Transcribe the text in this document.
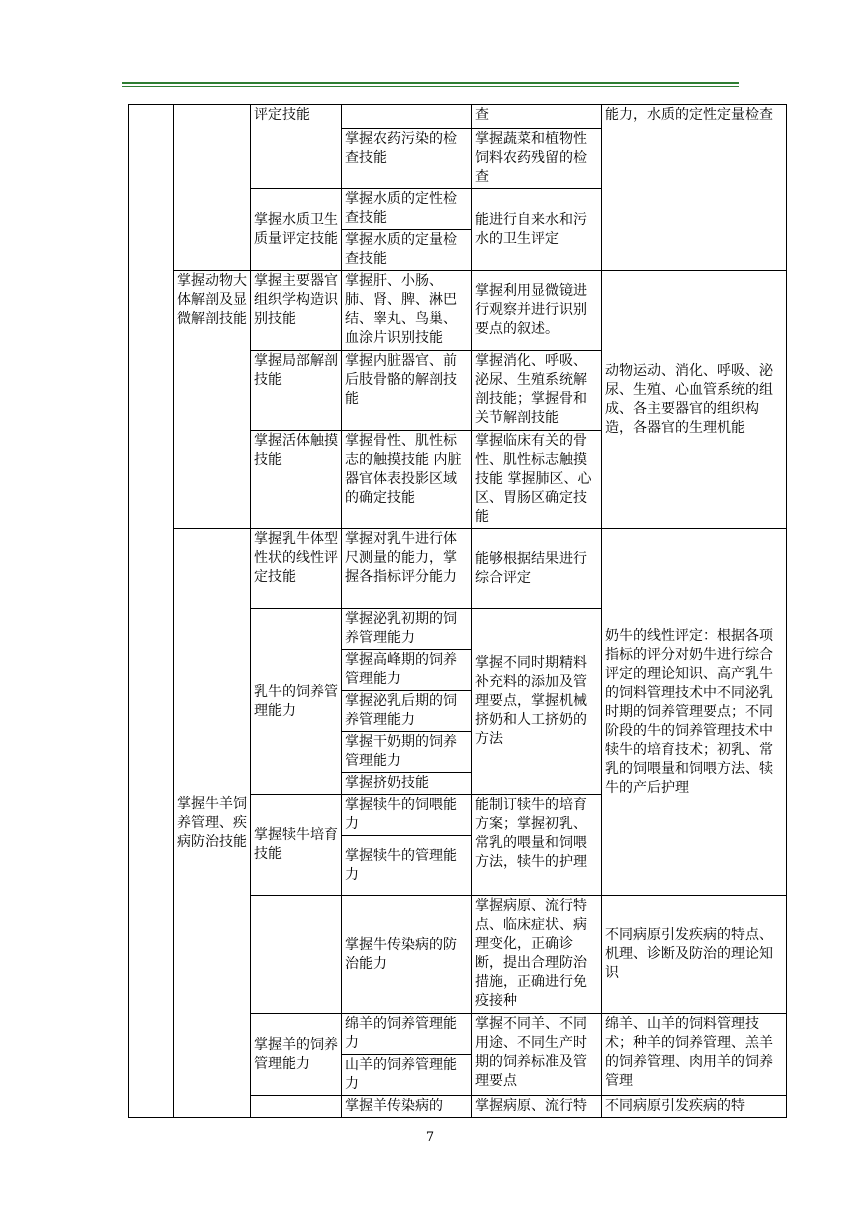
		评定技能		查	能力，水质的定性定量检查
			掌握农药污染的检查技能	掌握蔬菜和植物性饲料农药残留的检查	
		掌握水质卫生质量评定技能	掌握水质的定性检查技能	能进行自来水和污水的卫生评定	
			掌握水质的定量检查技能		
	掌握动物大体解剖及显微解剖技能	掌握主要器官组织学构造识别技能	掌握肝、小肠、肺、肾、脾、淋巴结、睾丸、鸟巢、血涂片识别技能	掌握利用显微镜进行观察并进行识别要点的叙述。	动物运动、消化、呼吸、泌尿、生殖、心血管系统的组成、各主要器官的组织构造，各器官的生理机能
		掌握局部解剖技能	掌握内脏器官、前后肢骨骼的解剖技能	掌握消化、呼吸、泌尿、生殖系统解剖技能；掌握骨和关节解剖技能	
		掌握活体触摸技能	掌握骨性、肌性标志的触摸技能 内脏器官体表投影区域的确定技能	掌握临床有关的骨性、肌性标志触摸技能 掌握肺区、心区、胃肠区确定技能	
	掌握牛羊饲养管理、疾病防治技能	掌握乳牛体型性状的线性评定技能	掌握对乳牛进行体尺测量的能力，掌握各指标评分能力	能够根据结果进行综合评定	奶牛的线性评定：根据各项指标的评分对奶牛进行综合评定的理论知识、高产乳牛的饲料管理技术中不同泌乳时期的饲养管理要点；不同阶段的牛的饲养管理技术中犊牛的培育技术；初乳、常乳的饲喂量和饲喂方法、犊牛的产后护理
		乳牛的饲养管理能力	掌握泌乳初期的饲养管理能力	掌握不同时期精料补充料的添加及管理要点，掌握机械挤奶和人工挤奶的方法	
			掌握高峰期的饲养管理能力		
			掌握泌乳后期的饲养管理能力		
			掌握干奶期的饲养管理能力		
			掌握挤奶技能		
		掌握犊牛培育技能	掌握犊牛的饲喂能力	能制订犊牛的培育方案；掌握初乳、常乳的喂量和饲喂方法，犊牛的护理	
			掌握犊牛的管理能力		
			掌握牛传染病的防治能力	掌握病原、流行特点、临床症状、病理变化，正确诊断，提出合理防治措施，正确进行免疫接种	不同病原引发疾病的特点、机理、诊断及防治的理论知识
		掌握羊的饲养管理能力	绵羊的饲养管理能力	掌握不同羊、不同用途、不同生产时期的饲养标准及管理要点	绵羊、山羊的饲料管理技术；种羊的饲养管理、羔羊的饲养管理、肉用羊的饲养管理
			山羊的饲养管理能力		
			掌握羊传染病的	掌握病原、流行特	不同病原引发疾病的特
7
